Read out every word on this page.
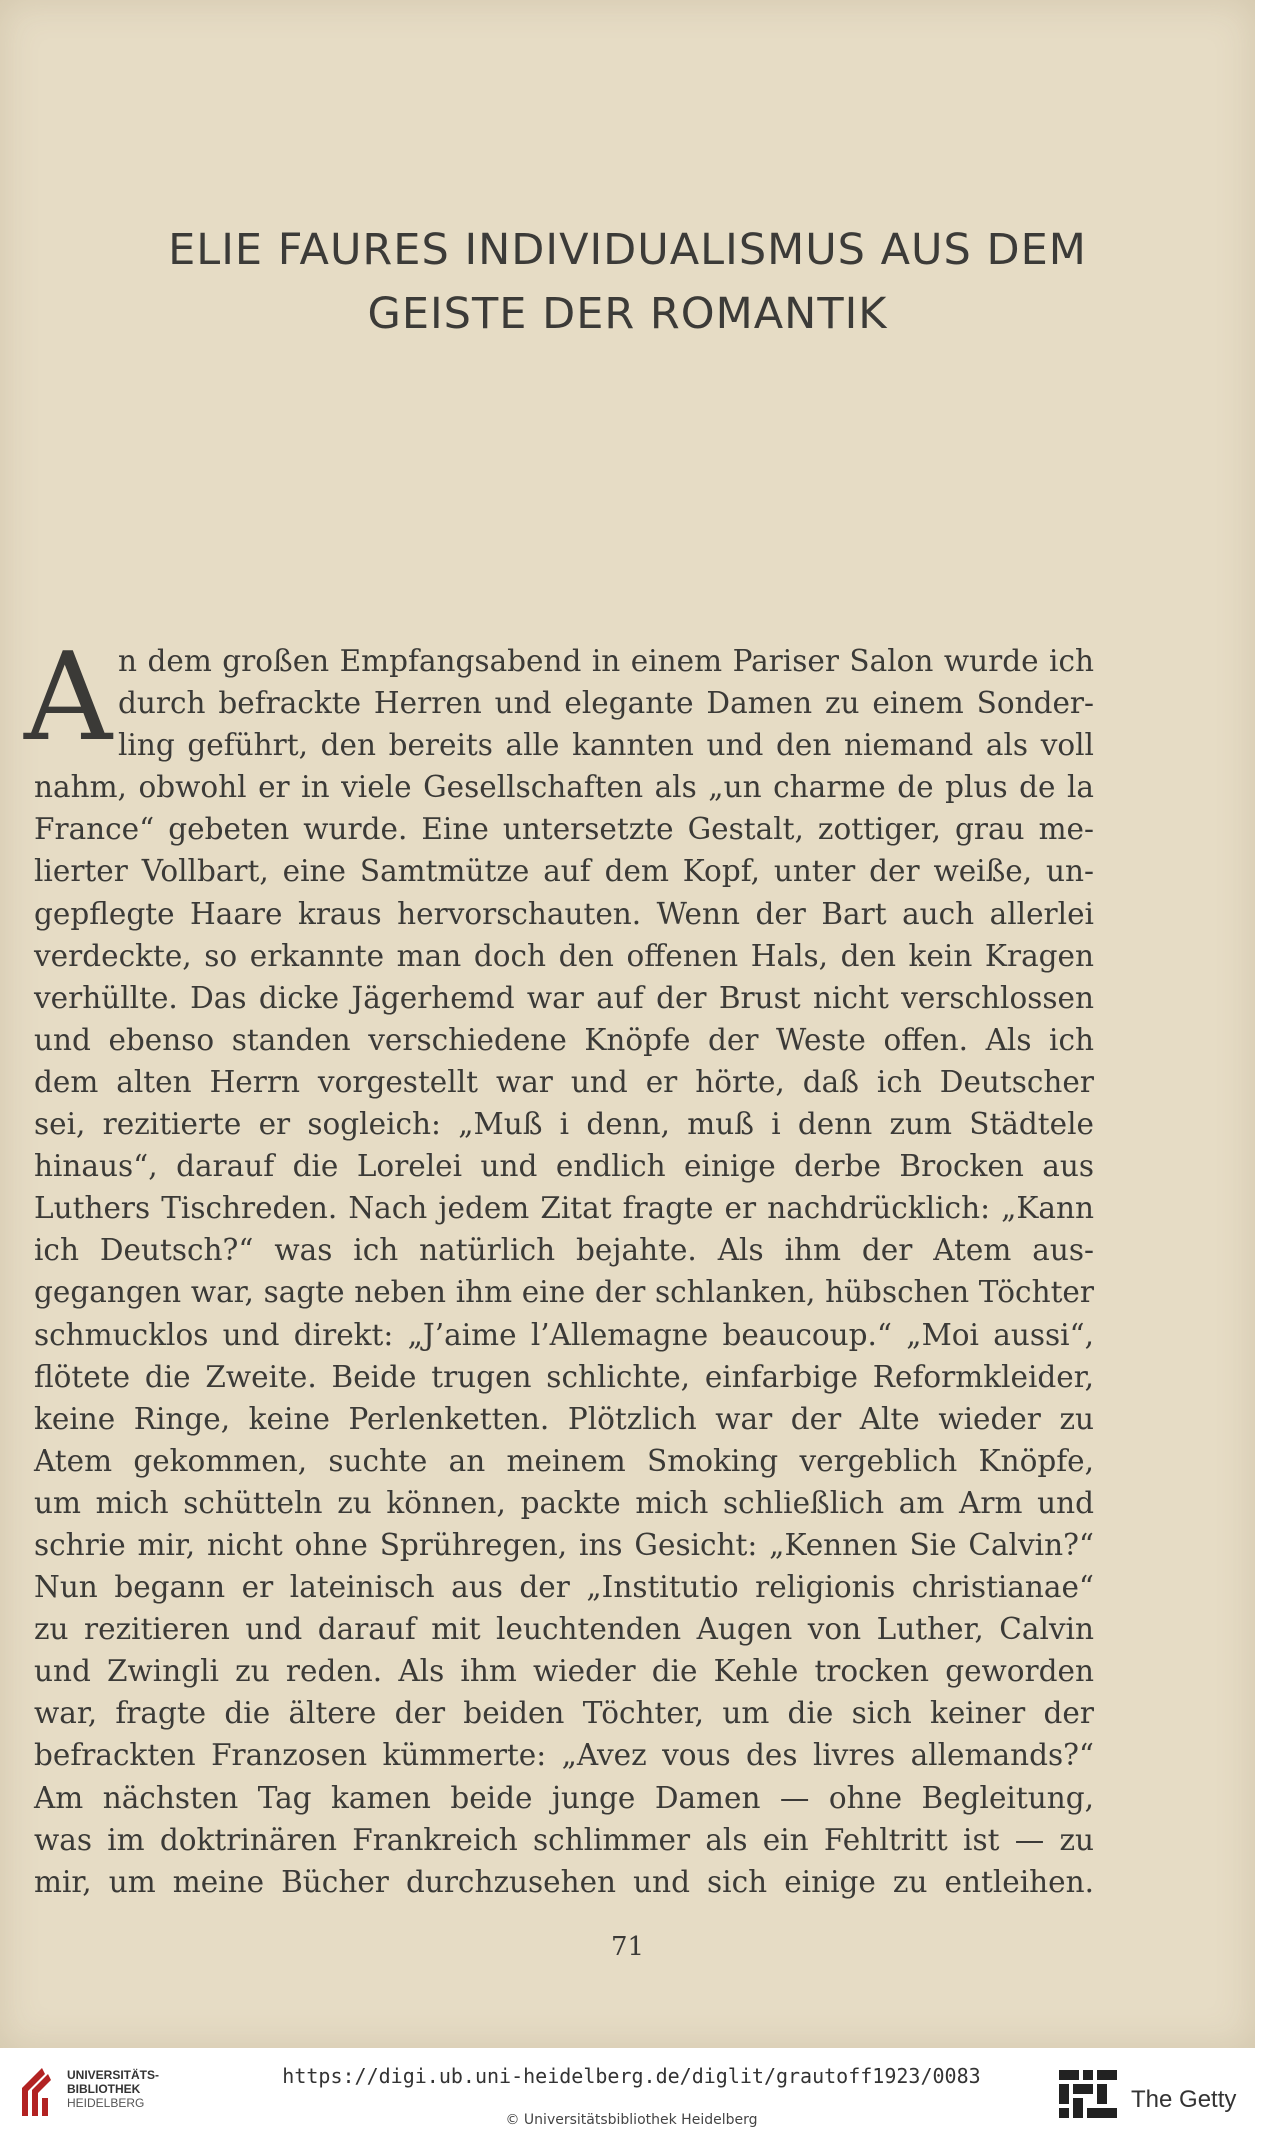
ELIE FAURES INDIVIDUALISMUS AUS DEM
GEISTE DER ROMANTIK
A n dem großen Empfangsabend in einem Pariser Salon wurde ich
durch befrackte Herren und elegante Damen zu einem Sonder-
ling geführt, den bereits alle kannten und den niemand als voll
nahm, obwohl er in viele Gesellschaften als „un charme de plus de la
France“ gebeten wurde. Eine untersetzte Gestalt, zottiger, grau me-
lierter Vollbart, eine Samtmütze auf dem Kopf, unter der weiße, un-
gepflegte Haare kraus hervorschauten. Wenn der Bart auch allerlei
verdeckte, so erkannte man doch den offenen Hals, den kein Kragen
verhüllte. Das dicke Jägerhemd war auf der Brust nicht verschlossen
und ebenso standen verschiedene Knöpfe der Weste offen. Als ich
dem alten Herrn vorgestellt war und er hörte, daß ich Deutscher
sei, rezitierte er sogleich: „Muß i denn, muß i denn zum Städtele
hinaus“, darauf die Lorelei und endlich einige derbe Brocken aus
Luthers Tischreden. Nach jedem Zitat fragte er nachdrücklich: „Kann
ich Deutsch?“ was ich natürlich bejahte. Als ihm der Atem aus-
gegangen war, sagte neben ihm eine der schlanken, hübschen Töchter
schmucklos und direkt: „J’aime l’Allemagne beaucoup.“ „Moi aussi“,
flötete die Zweite. Beide trugen schlichte, einfarbige Reformkleider,
keine Ringe, keine Perlenketten. Plötzlich war der Alte wieder zu
Atem gekommen, suchte an meinem Smoking vergeblich Knöpfe,
um mich schütteln zu können, packte mich schließlich am Arm und
schrie mir, nicht ohne Sprühregen, ins Gesicht: „Kennen Sie Calvin?“
Nun begann er lateinisch aus der „Institutio religionis christianae“
zu rezitieren und darauf mit leuchtenden Augen von Luther, Calvin
und Zwingli zu reden. Als ihm wieder die Kehle trocken geworden
war, fragte die ältere der beiden Töchter, um die sich keiner der
befrackten Franzosen kümmerte: „Avez vous des livres allemands?“
Am nächsten Tag kamen beide junge Damen — ohne Begleitung,
was im doktrinären Frankreich schlimmer als ein Fehltritt ist — zu
mir, um meine Bücher durchzusehen und sich einige zu entleihen.
71
UNIVERSITÄTS-
BIBLIOTHEK
HEIDELBERG
https://digi.ub.uni-heidelberg.de/diglit/grautoff1923/0083
© Universitätsbibliothek Heidelberg
The Getty
